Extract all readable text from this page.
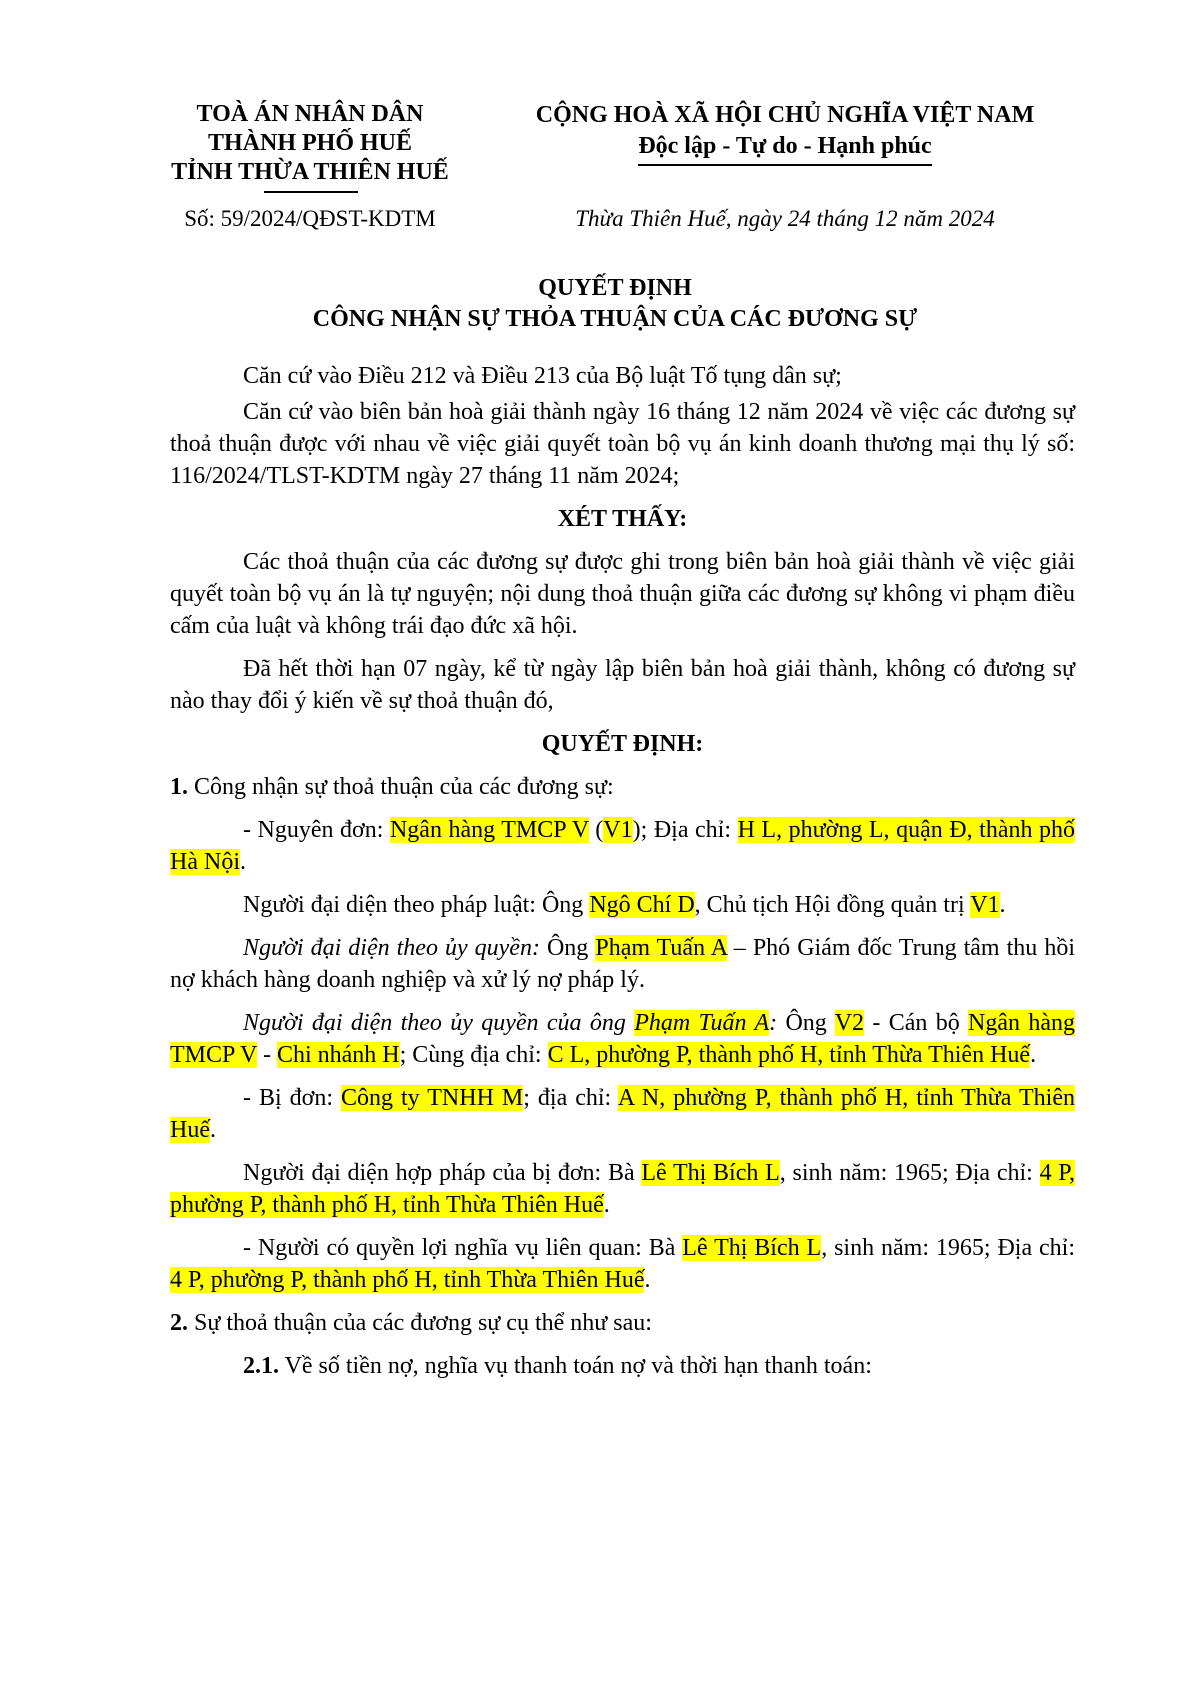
TOÀ ÁN NHÂN DÂN
THÀNH PHỐ HUẾ
TỈNH THỪA THIÊN HUẾ
CỘNG HOÀ XÃ HỘI CHỦ NGHĨA VIỆT NAM
Độc lập - Tự do - Hạnh phúc
Số: 59/2024/QĐST-KDTM	Thừa Thiên Huế, ngày 24 tháng 12 năm 2024
QUYẾT ĐỊNH
CÔNG NHẬN SỰ THỎA THUẬN CỦA CÁC ĐƯƠNG SỰ

Căn cứ vào Điều 212 và Điều 213 của Bộ luật Tố tụng dân sự;

Căn cứ vào biên bản hoà giải thành ngày 16 tháng 12 năm 2024 về việc các đương sự thoả thuận được với nhau về việc giải quyết toàn bộ vụ án kinh doanh thương mại thụ lý số: 116/2024/TLST-KDTM ngày 27 tháng 11 năm 2024;

XÉT THẤY:

Các thoả thuận của các đương sự được ghi trong biên bản hoà giải thành về việc giải quyết toàn bộ vụ án là tự nguyện; nội dung thoả thuận giữa các đương sự không vi phạm điều cấm của luật và không trái đạo đức xã hội.

Đã hết thời hạn 07 ngày, kể từ ngày lập biên bản hoà giải thành, không có đương sự nào thay đổi ý kiến về sự thoả thuận đó,

QUYẾT ĐỊNH:

1. Công nhận sự thoả thuận của các đương sự:

- Nguyên đơn: Ngân hàng TMCP V (V1); Địa chỉ: H L, phường L, quận Đ, thành phố Hà Nội.

Người đại diện theo pháp luật: Ông Ngô Chí D, Chủ tịch Hội đồng quản trị V1.

Người đại diện theo ủy quyền: Ông Phạm Tuấn A – Phó Giám đốc Trung tâm thu hồi nợ khách hàng doanh nghiệp và xử lý nợ pháp lý.

Người đại diện theo ủy quyền của ông Phạm Tuấn A: Ông V2 - Cán bộ Ngân hàng TMCP V - Chi nhánh H; Cùng địa chỉ: C L, phường P, thành phố H, tỉnh Thừa Thiên Huế.

- Bị đơn: Công ty TNHH M; địa chỉ: A N, phường P, thành phố H, tỉnh Thừa Thiên Huế.

Người đại diện hợp pháp của bị đơn: Bà Lê Thị Bích L, sinh năm: 1965; Địa chỉ: 4 P, phường P, thành phố H, tỉnh Thừa Thiên Huế.

- Người có quyền lợi nghĩa vụ liên quan: Bà Lê Thị Bích L, sinh năm: 1965; Địa chỉ: 4 P, phường P, thành phố H, tỉnh Thừa Thiên Huế.

2. Sự thoả thuận của các đương sự cụ thể như sau:

2.1. Về số tiền nợ, nghĩa vụ thanh toán nợ và thời hạn thanh toán:
